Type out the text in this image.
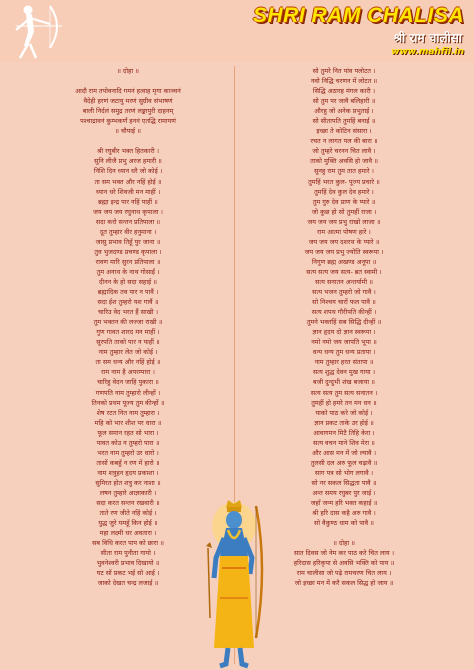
SHRI RAM CHALISA
श्री राम चालीसा
www.mahfil.in
॥ दोहा ॥
आदौ राम तपोवनादि गमनं हत्वाह मृगा काञ्चनं
वैदेही हरणं जटायु मरणं सुग्रीव संभाषणं
बाली निर्दलं समुद्र तरणं लङ्कापुरी दाहनम्
पश्चाद्रावनं कुम्भकर्णं हननं एतद्धि रामायणं
॥ चौपाई ॥
श्री रघुबीर भक्त हितकारी ।
सुनि लीजै प्रभु अरज हमारी ॥
निशि दिन ध्यान धरै जो कोई ।
ता सम भक्त और नहिं होई ॥
ध्यान धरे शिवजी मन माहीं ।
ब्रह्मा इन्द्र पार नहिं पाहीं ॥
जय जय जय रघुनाथ कृपाला ।
सदा करो सन्तन प्रतिपाला ॥
दूत तुम्हार वीर हनुमाना ।
जासु प्रभाव तिहूँ पुर जाना ॥
तुव भुजदण्ड प्रचण्ड कृपाला ।
रावण मारि सुरन प्रतिपाला ॥
तुम अनाथ के नाथ गोसाईं ।
दीनन के हो सदा सहाई ॥
ब्रह्मादिक तव पार न पावैं ।
सदा ईश तुम्हरो यश गावैं ॥
चारिउ वेद भरत हैं साखी ।
तुम भक्तन की लज्जा राखी ॥
गुण गावत शारद मन माहीं ।
सुरपति ताको पार न पाहीं ॥
नाम तुम्हार लेत जो कोई ।
ता सम धन्य और नहिं होई ॥
राम नाम है अपरम्पारा ।
चारिहु वेदन जाहि पुकारा ॥
गणपति नाम तुम्हारो लीन्हों ।
तिनको प्रथम पूज्य तुम कीन्हों ॥
शेष रटत नित नाम तुम्हारा ।
महि को भार शीश पर धारा ॥
फूल समान रहत सो भारा ।
पावत कोउ न तुम्हरो पारा ॥
भरत नाम तुम्हरो उर धारो ।
तासों कबहुँ न रण में हारो ॥
नाम शत्रुहन हृदय प्रकाशा ।
सुमिरत होत शत्रु कर नाशा ॥
लषन तुम्हारे आज्ञाकारी ।
सदा करत सन्तन रखवारी ॥
ताते रण जीते नहिं कोई ।
युद्ध जुरे यमहूँ किन होई ॥
महा लक्ष्मी धर अवतारा ।
सब विधि करत पाप को छारा ॥
सीता राम पुनीता गायो ।
भुवनेश्वरी प्रभाव दिखायो ॥
घट सों प्रकट भई सो आई ।
जाको देखत चन्द्र लजाई ॥
सो तुमरे नित पांव पलोटत ।
नवो निद्धि चरणन में लोटत ॥
सिद्धि अठारह मंगल कारी ।
सो तुम पर जावै बलिहारी ॥
औरहु जो अनेक प्रभुताई ।
सो सीतापति तुमहिं बनाई ॥
इच्छा ते कोटिन संसारा ।
रचत न लागत पल की बारा ॥
जो तुम्हरे चरनन चित लावै ।
ताको मुक्ति अवसि हो जावै ॥
सुनहु राम तुम तात हमारे ।
तुमहिं भरत कुल- पूज्य प्रचारे ॥
तुमहिं देव कुल देव हमारे ।
तुम गुरु देव प्राण के प्यारे ॥
जो कुछ हो सो तुमहीं राजा ।
जय जय जय प्रभु राखो लाजा ॥
राम आत्मा पोषण हारे ।
जय जय जय दशरथ के प्यारे ॥
जय जय जय प्रभु ज्योति स्वरूपा ।
निगुण ब्रह्म अखण्ड अनूपा ॥
सत्य सत्य जय सत्य- ब्रत स्वामी ।
सत्य सनातन अन्तर्यामी ॥
सत्य भजन तुम्हरो जो गावै ।
सो निश्चय चारों फल पावै ॥
सत्य शपथ गौरीपति कीन्हीं ।
तुमने भक्तहिं सब सिद्धि दीन्हीं ॥
ज्ञान हृदय दो ज्ञान स्वरूपा ।
नमो नमो जय जापति भूपा ॥
धन्य धन्य तुम धन्य प्रतापा ।
नाम तुम्हार हरत संतापा ॥
सत्य शुद्ध देवन मुख गाया ।
बजी दुन्दुभी शंख बजाया ॥
सत्य सत्य तुम सत्य सनातन ।
तुमहीं हो हमरे तन मन धन ॥
याको पाठ करे जो कोई ।
ज्ञान प्रकट ताके उर होई ॥
आवागमन मिटै तिहि केरा ।
सत्य वचन माने शिव मेरा ॥
और आस मन में जो ल्यावै ।
तुलसी दल अरु फूल चढ़ावै ॥
साग पत्र सो भोग लगावै ।
सो नर सकल सिद्धता पावै ॥
अन्त समय रघुबर पुर जाई ।
जहाँ जन्म हरि भक्त कहाई ॥
श्री हरि दास कहै अरु गावै ।
सो वैकुण्ठ धाम को पावै ॥
॥ दोहा ॥
सात दिवस जो नेम कर पाठ करे चित लाय ।
हरिदास हरिकृपा से अवसि भक्ति को पाय ॥
राम चालीसा जो पढ़े रामचरण चित लाय ।
जो इच्छा मन में करै सकल सिद्ध हो जाय ॥
